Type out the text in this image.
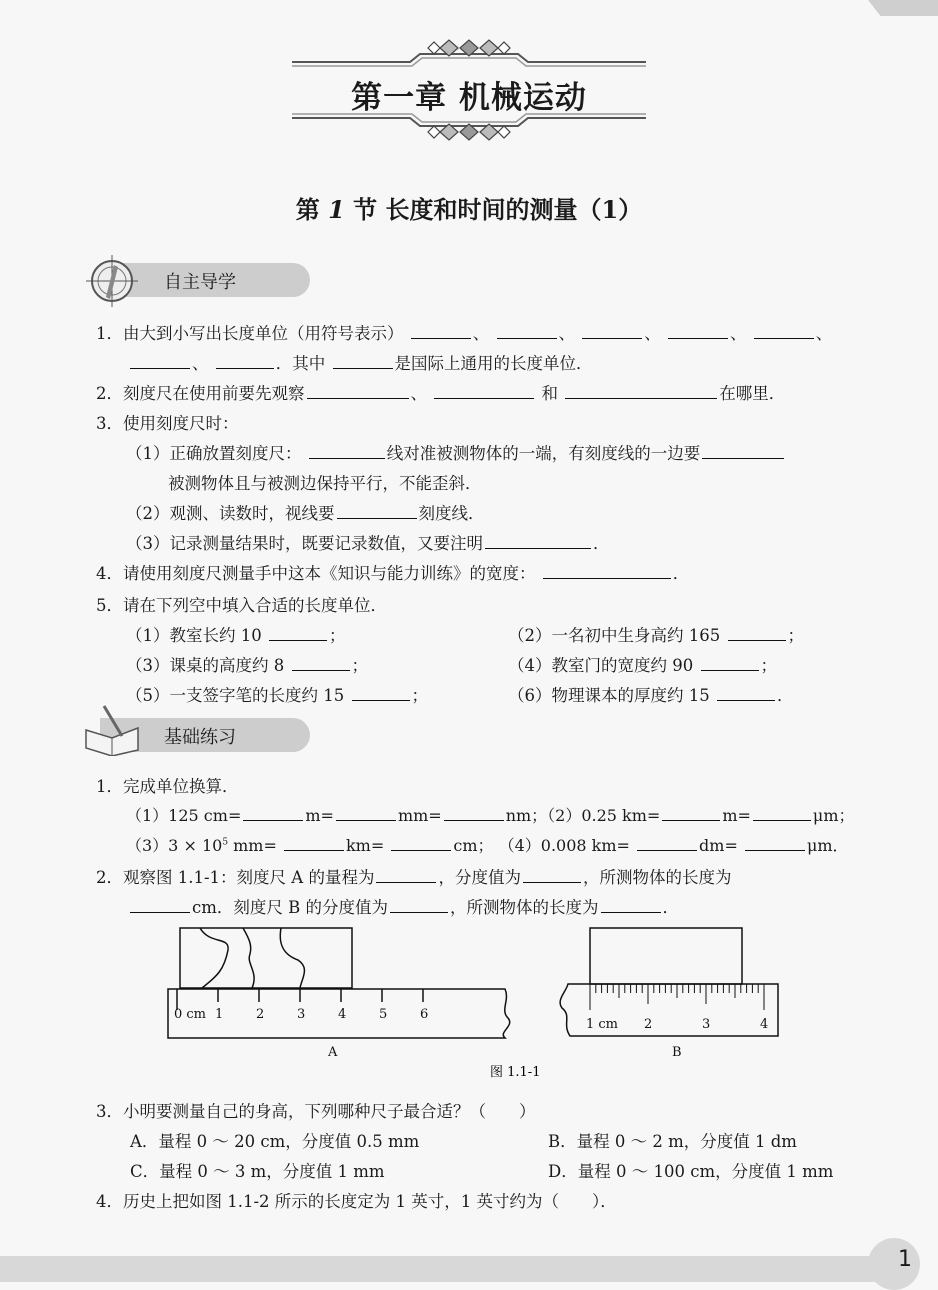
第一章 机械运动
第 1 节 长度和时间的测量（1）
自主导学
1．由大到小写出长度单位（用符号表示）	、	、	、	、	、
、	．其中	是国际上通用的长度单位．
2．刻度尺在使用前要先观察	、	和	在哪里．
3．使用刻度尺时：
（1）正确放置刻度尺：	线对准被测物体的一端，有刻度线的一边要
被测物体且与被测边保持平行，不能歪斜．
（2）观测、读数时，视线要	刻度线．
（3）记录测量结果时，既要记录数值，又要注明	．
4．请使用刻度尺测量手中这本《知识与能力训练》的宽度：	．
5．请在下列空中填入合适的长度单位．
（1）教室长约 10	；	（2）一名初中生身高约 165	；
（3）课桌的高度约 8	；	（4）教室门的宽度约 90	；
（5）一支签字笔的长度约 15	；	（6）物理课本的厚度约 15	．
基础练习
1．完成单位换算．
（1）125 cm=	m=	mm=	nm；（2）0.25 km=	m=	μm；
$(3)3 \times 10^5$ mm=	km=	cm； （4）0.008 km=	dm=	μm．
2．观察图 1.1-1：刻度尺 A 的量程为	，分度值为	，所测物体的长度为
cm．刻度尺 B 的分度值为	，所测物体的长度为	．
0 cm 1	2	3	4	5	6
A
1 cm 2	3	4
B
图 1.1-1
3．小明要测量自己的身高，下列哪种尺子最合适？（　　）
A．量程 0 ～ 20 cm，分度值 0.5 mm	B．量程 0 ～ 2 m，分度值 1 dm
C．量程 0 ～ 3 m，分度值 1 mm	D．量程 0 ～ 100 cm，分度值 1 mm
4．历史上把如图 1.1-2 所示的长度定为 1 英寸，1 英寸约为（　　）．
1
